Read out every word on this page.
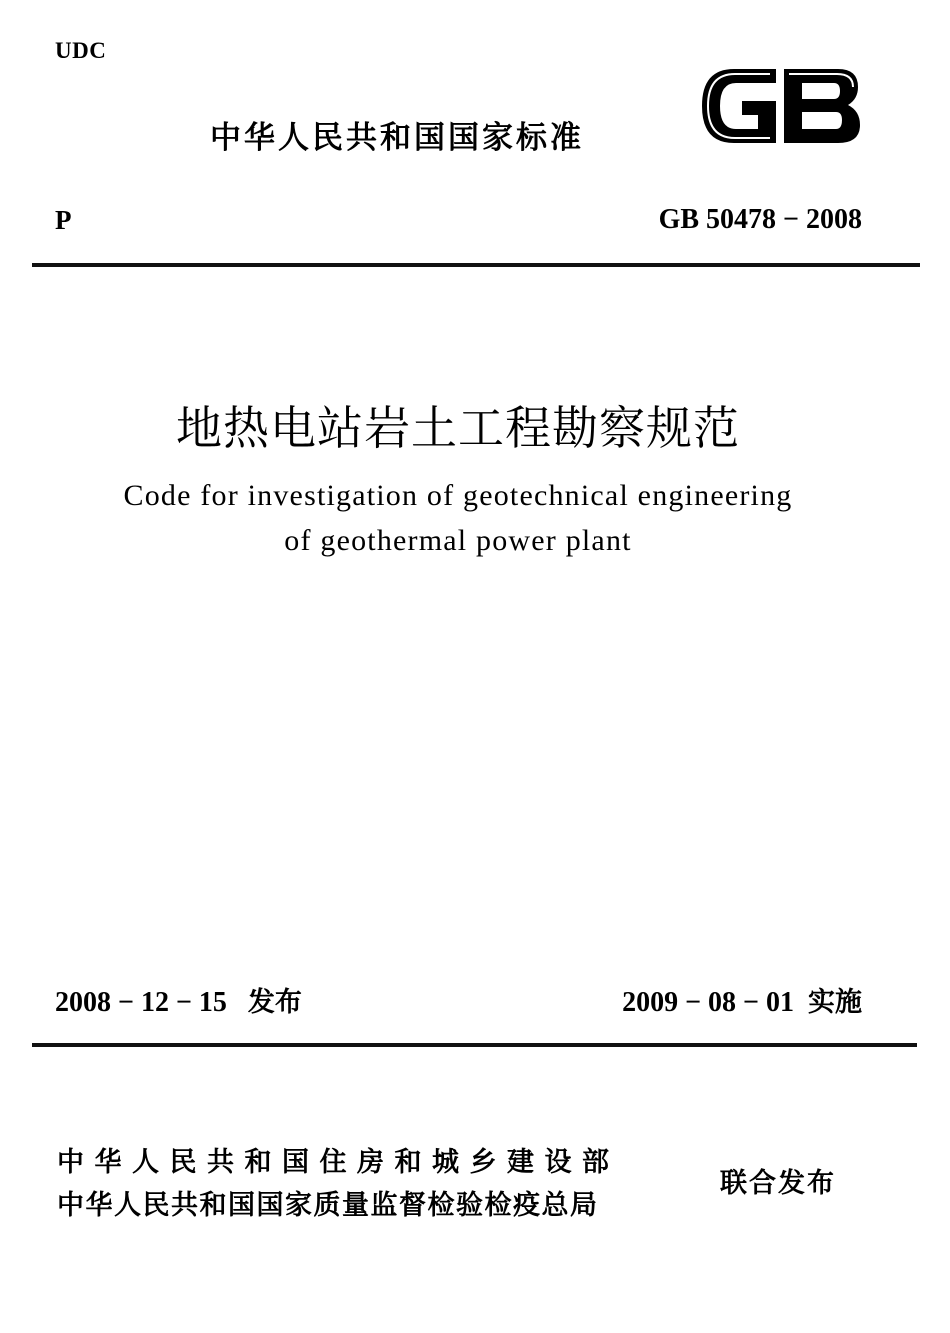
UDC
中华人民共和国国家标准
P	GB 50478 − 2008
地热电站岩土工程勘察规范
Code for investigation of geotechnical engineering
of geothermal power plant
2008 − 12 − 15 发布	2009 − 08 − 01 实施
中华人民共和国住房和城乡建设部
中华人民共和国国家质量监督检验检疫总局
联合发布
